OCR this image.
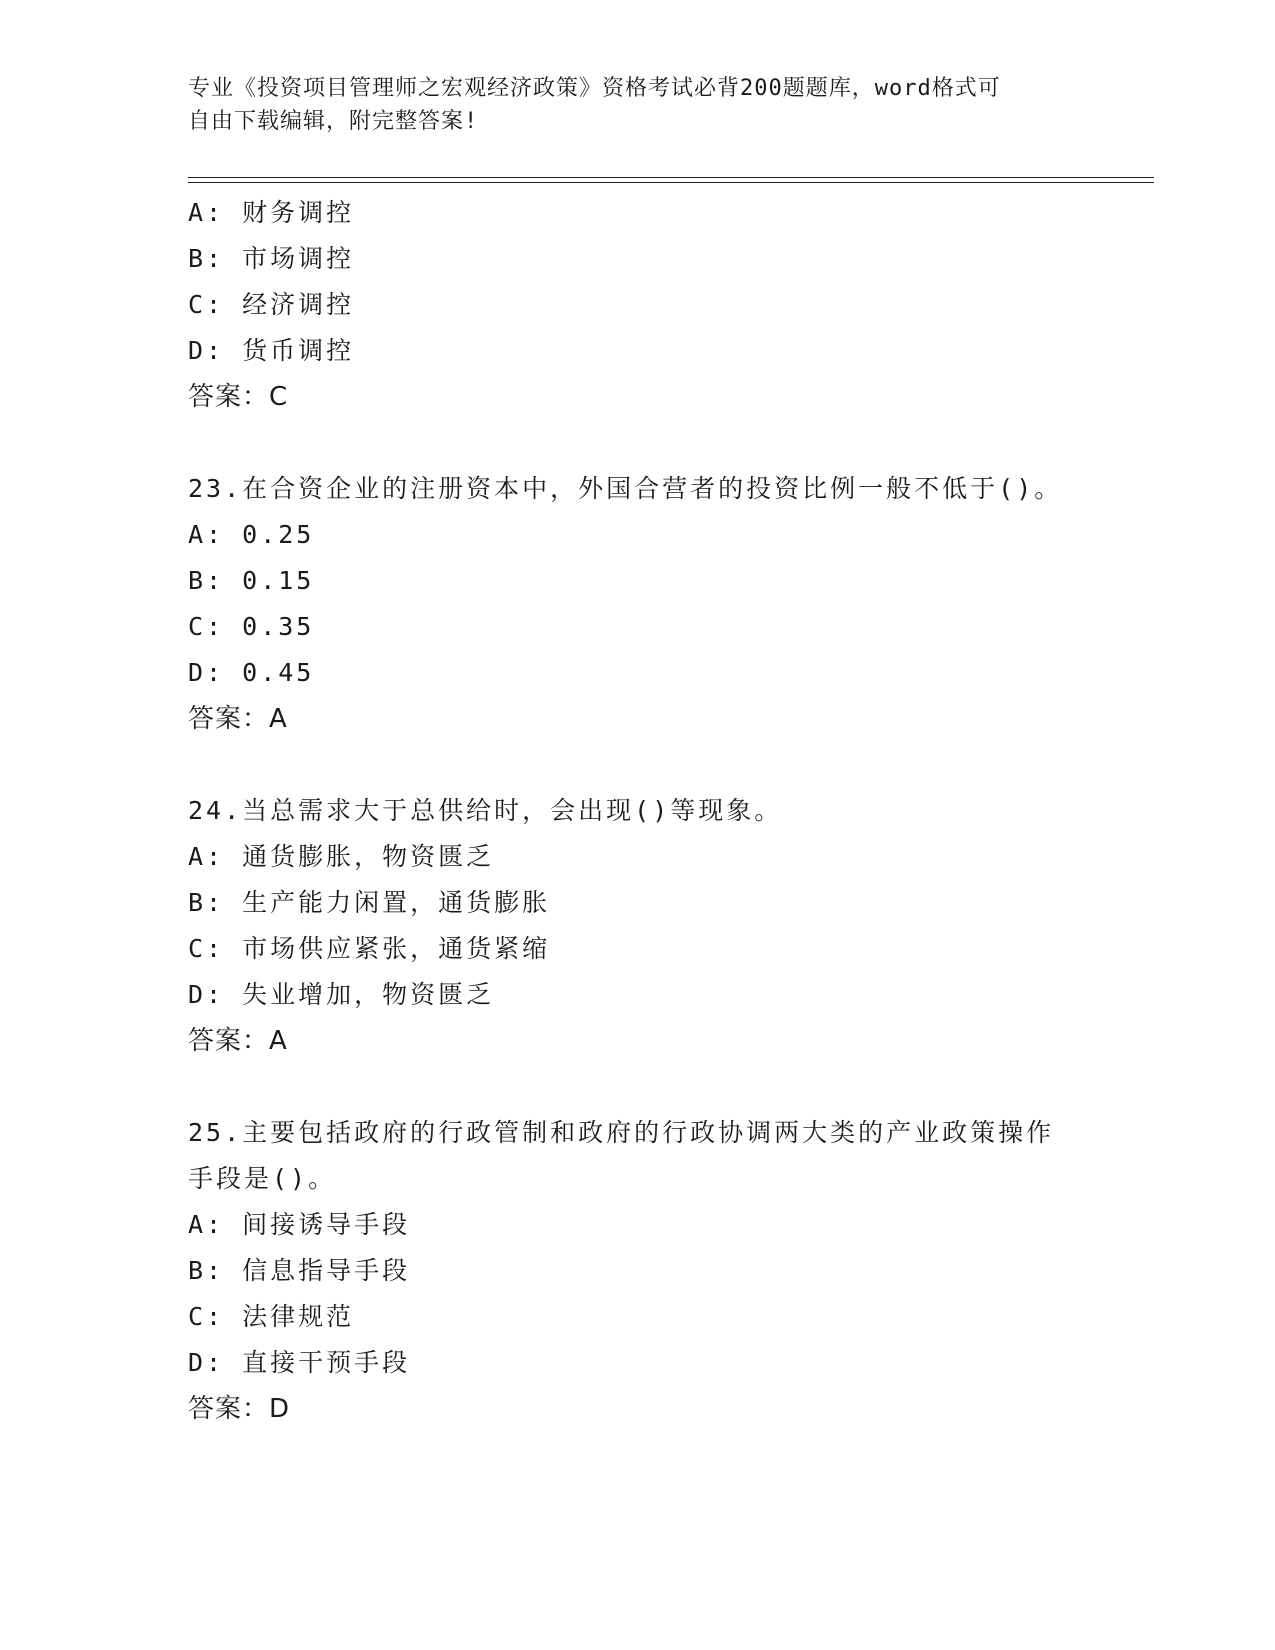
专业《投资项目管理师之宏观经济政策》资格考试必背200题题库，word格式可
自由下载编辑，附完整答案!
A: 财务调控
B: 市场调控
C: 经济调控
D: 货币调控
答案：C
23.在合资企业的注册资本中，外国合营者的投资比例一般不低于()。
A: 0.25
B: 0.15
C: 0.35
D: 0.45
答案：A
24.当总需求大于总供给时，会出现()等现象。
A: 通货膨胀，物资匮乏
B: 生产能力闲置，通货膨胀
C: 市场供应紧张，通货紧缩
D: 失业增加，物资匮乏
答案：A
25.主要包括政府的行政管制和政府的行政协调两大类的产业政策操作
手段是()。
A: 间接诱导手段
B: 信息指导手段
C: 法律规范
D: 直接干预手段
答案：D
